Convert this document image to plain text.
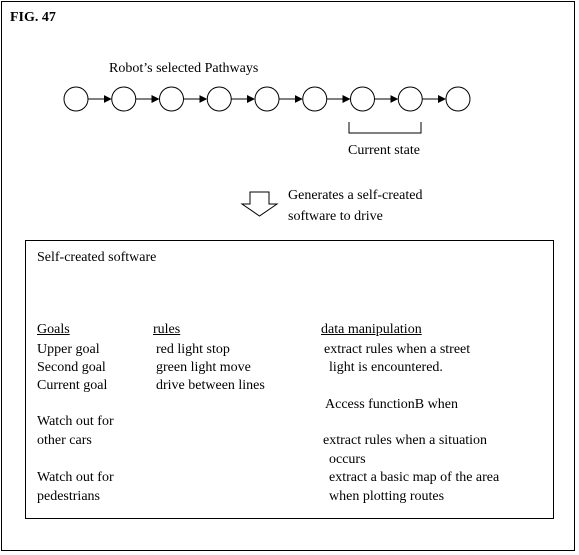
FIG. 47
Robot’s selected Pathways
Current state
Generates a self-created
software to drive
Self-created software
Goals	rules	data manipulation
Upper goal
Second goal
Current goal
Watch out for
other cars
Watch out for
pedestrians
red light stop
green light move
drive between lines
extract rules when a street
light is encountered.
Access functionB when
extract rules when a situation
occurs
extract a basic map of the area
when plotting routes
